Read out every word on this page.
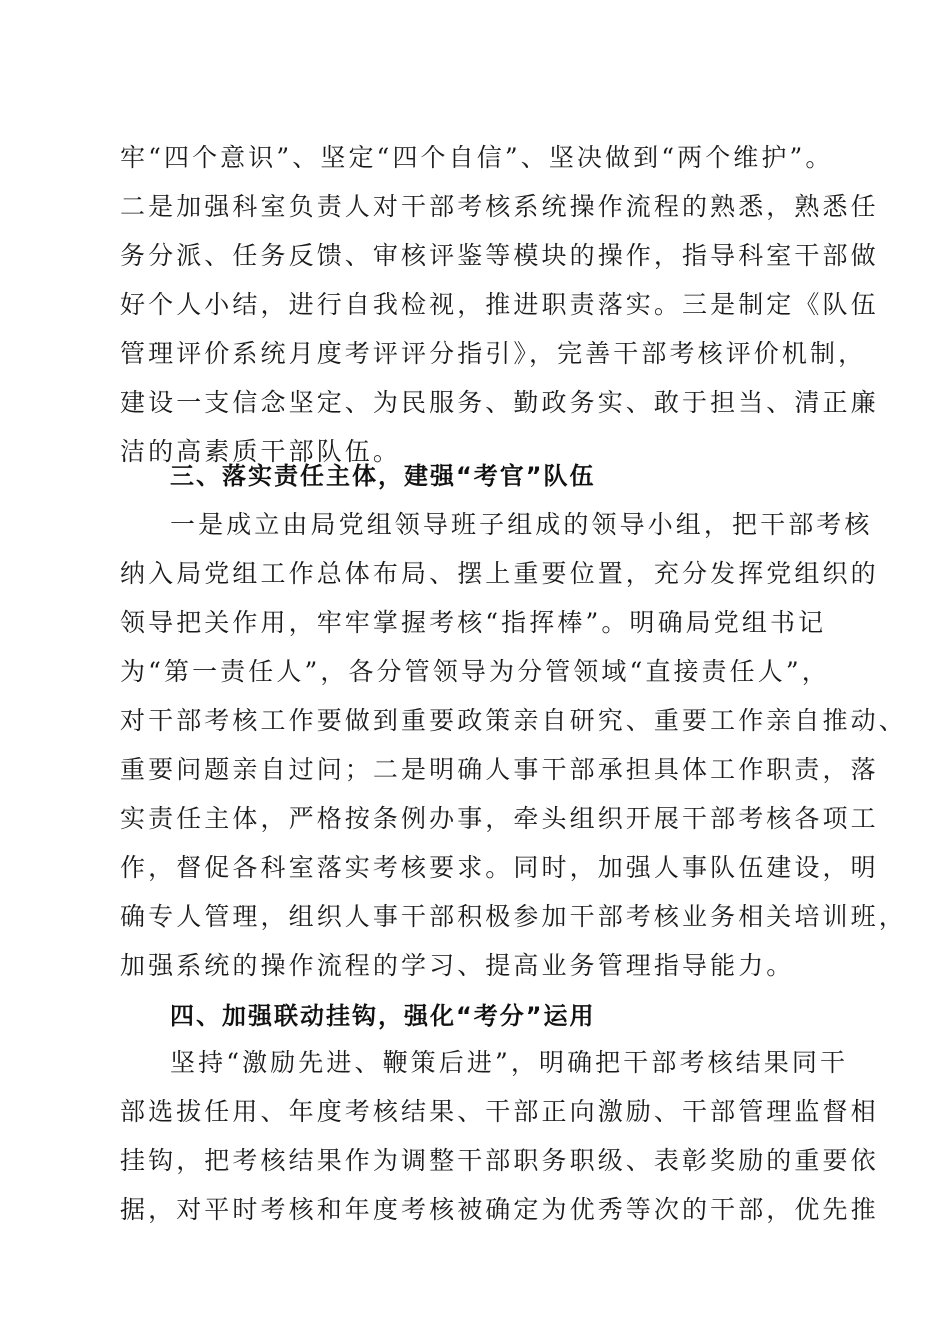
牢“四个意识”、坚定“四个自信”、坚决做到“两个维护”。
二是加强科室负责人对干部考核系统操作流程的熟悉，熟悉任
务分派、任务反馈、审核评鉴等模块的操作，指导科室干部做
好个人小结，进行自我检视，推进职责落实。三是制定《队伍
管理评价系统月度考评评分指引》，完善干部考核评价机制，
建设一支信念坚定、为民服务、勤政务实、敢于担当、清正廉
洁的高素质干部队伍。
三、落实责任主体，建强“考官”队伍
一是成立由局党组领导班子组成的领导小组，把干部考核
纳入局党组工作总体布局、摆上重要位置，充分发挥党组织的
领导把关作用，牢牢掌握考核“指挥棒”。明确局党组书记
为“第一责任人”，各分管领导为分管领域“直接责任人”，
对干部考核工作要做到重要政策亲自研究、重要工作亲自推动、
重要问题亲自过问；二是明确人事干部承担具体工作职责，落
实责任主体，严格按条例办事，牵头组织开展干部考核各项工
作，督促各科室落实考核要求。同时，加强人事队伍建设，明
确专人管理，组织人事干部积极参加干部考核业务相关培训班，
加强系统的操作流程的学习、提高业务管理指导能力。
四、加强联动挂钩，强化“考分”运用
坚持“激励先进、鞭策后进”，明确把干部考核结果同干
部选拔任用、年度考核结果、干部正向激励、干部管理监督相
挂钩，把考核结果作为调整干部职务职级、表彰奖励的重要依
据，对平时考核和年度考核被确定为优秀等次的干部，优先推
